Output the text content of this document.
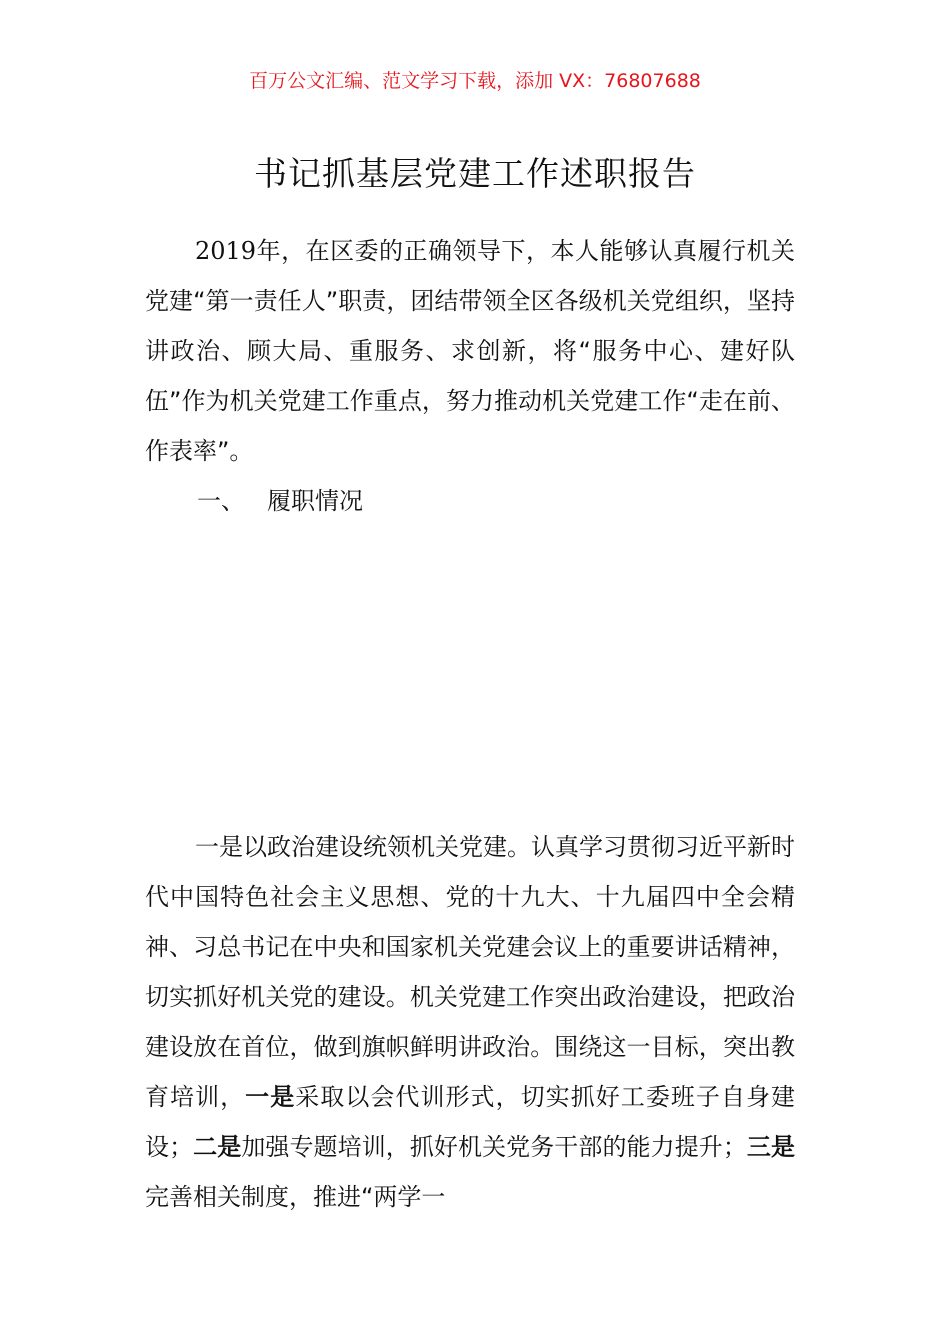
百万公文汇编、范文学习下载，添加 VX：76807688
书记抓基层党建工作述职报告

2019年，在区委的正确领导下，本人能够认真履行机关党建“第一责任人”职责，团结带领全区各级机关党组织，坚持讲政治、顾大局、重服务、求创新，将“服务中心、建好队伍”作为机关党建工作重点，努力推动机关党建工作“走在前、作表率”。

一、 履职情况

一是以政治建设统领机关党建。认真学习贯彻习近平新时代中国特色社会主义思想、党的十九大、十九届四中全会精神、习总书记在中央和国家机关党建会议上的重要讲话精神，切实抓好机关党的建设。机关党建工作突出政治建设，把政治建设放在首位，做到旗帜鲜明讲政治。围绕这一目标，突出教育培训，一是采取以会代训形式，切实抓好工委班子自身建设；二是加强专题培训，抓好机关党务干部的能力提升；三是完善相关制度，推进“两学一
